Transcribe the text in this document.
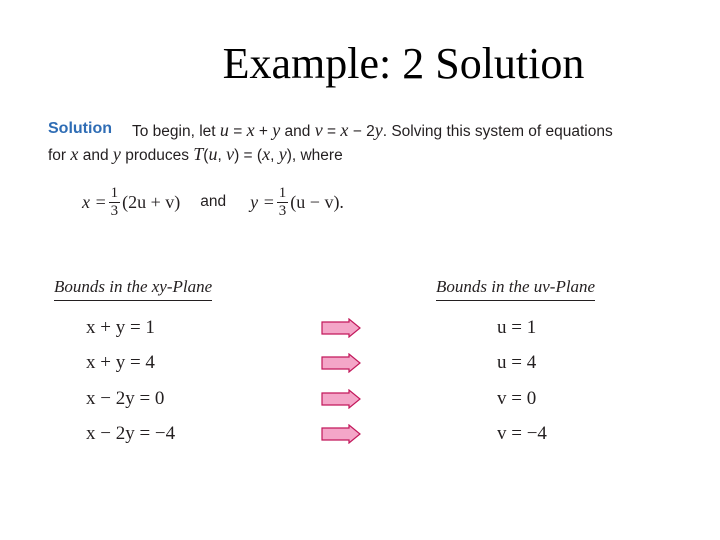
Example: 2 Solution
Solution To begin, let u = x + y and v = x − 2y. Solving this system of equations
for x and y produces T(u, v) = (x, y), where
$x = \frac{1}{3} (2u + v)$ and $y = \frac{1}{3} (u - v)$.
Bounds in the xy-Plane	Bounds in the uv-Plane
x + y = 1
x + y = 4
x − 2y = 0
x − 2y = −4
u = 1
u = 4
v = 0
v = −4
